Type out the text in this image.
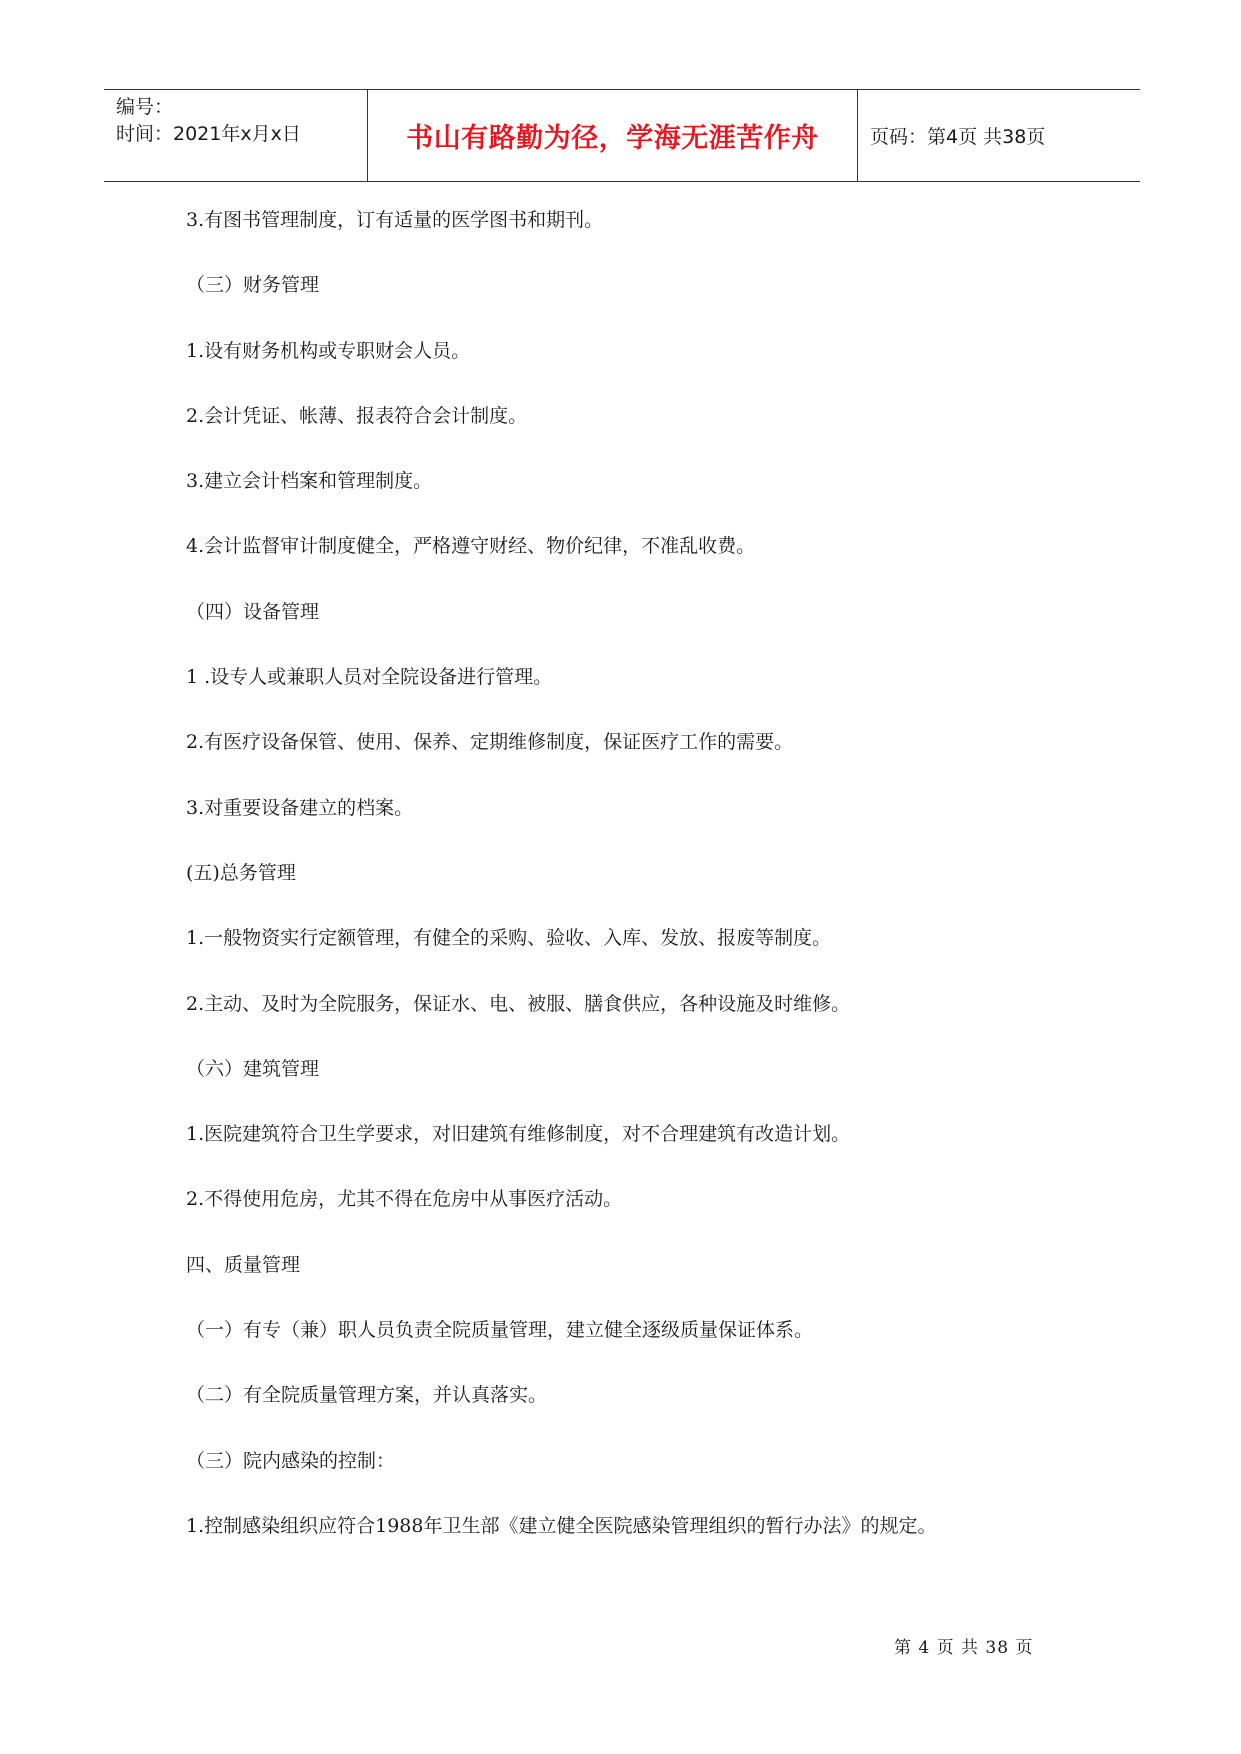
编号：
时间：2021年x月x日	书山有路勤为径，学海无涯苦作舟	页码：第4页 共38页
3.有图书管理制度，订有适量的医学图书和期刊。
（三）财务管理
1.设有财务机构或专职财会人员。
2.会计凭证、帐薄、报表符合会计制度。
3.建立会计档案和管理制度。
4.会计监督审计制度健全，严格遵守财经、物价纪律，不准乱收费。
（四）设备管理
1 .设专人或兼职人员对全院设备进行管理。
2.有医疗设备保管、使用、保养、定期维修制度，保证医疗工作的需要。
3.对重要设备建立的档案。
(五)总务管理
1.一般物资实行定额管理，有健全的采购、验收、入库、发放、报废等制度。
2.主动、及时为全院服务，保证水、电、被服、膳食供应，各种设施及时维修。
（六）建筑管理
1.医院建筑符合卫生学要求，对旧建筑有维修制度，对不合理建筑有改造计划。
2.不得使用危房，尤其不得在危房中从事医疗活动。
四、质量管理
（一）有专（兼）职人员负责全院质量管理，建立健全逐级质量保证体系。
（二）有全院质量管理方案，并认真落实。
（三）院内感染的控制：
1.控制感染组织应符合1988年卫生部《建立健全医院感染管理组织的暂行办法》的规定。
第 4 页 共 38 页
